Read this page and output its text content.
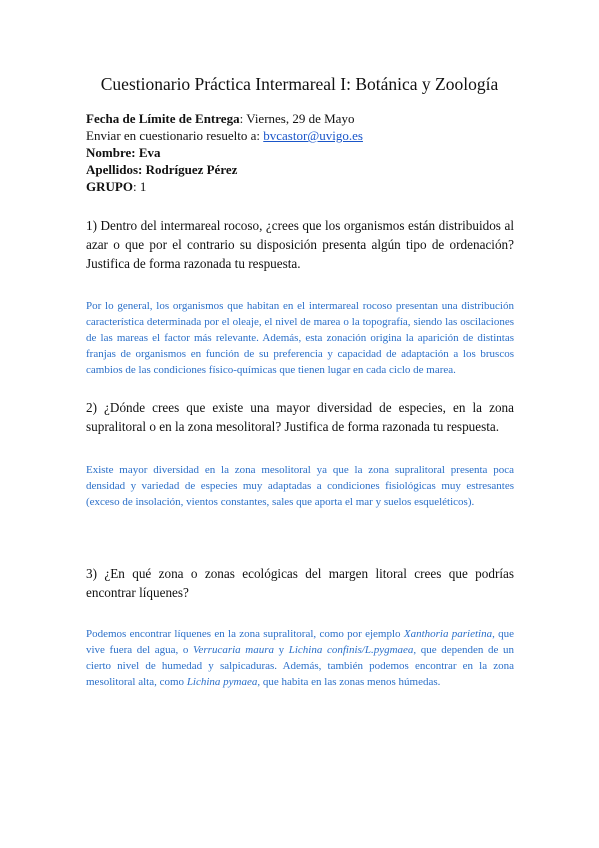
Cuestionario Práctica Intermareal I: Botánica y Zoología
Fecha de Límite de Entrega: Viernes, 29 de Mayo
Enviar en cuestionario resuelto a: bvcastor@uvigo.es
Nombre: Eva
Apellidos: Rodríguez Pérez
GRUPO: 1
1) Dentro del intermareal rocoso, ¿crees que los organismos están distribuidos al azar o que por el contrario su disposición presenta algún tipo de ordenación? Justifica de forma razonada tu respuesta.
Por lo general, los organismos que habitan en el intermareal rocoso presentan una distribución característica determinada por el oleaje, el nivel de marea o la topografía, siendo las oscilaciones de las mareas el factor más relevante. Además, esta zonación origina la aparición de distintas franjas de organismos en función de su preferencia y capacidad de adaptación a los bruscos cambios de las condiciones físico-químicas que tienen lugar en cada ciclo de marea.
2) ¿Dónde crees que existe una mayor diversidad de especies, en la zona supralitoral o en la zona mesolitoral? Justifica de forma razonada tu respuesta.
Existe mayor diversidad en la zona mesolitoral ya que la zona supralitoral presenta poca densidad y variedad de especies muy adaptadas a condiciones fisiológicas muy estresantes (exceso de insolación, vientos constantes, sales que aporta el mar y suelos esqueléticos).
3) ¿En qué zona o zonas ecológicas del margen litoral crees que podrías encontrar líquenes?
Podemos encontrar líquenes en la zona supralitoral, como por ejemplo Xanthoria parietina, que vive fuera del agua, o Verrucaria maura y Lichina confinis/L.pygmaea, que dependen de un cierto nivel de humedad y salpicaduras. Además, también podemos encontrar en la zona mesolitoral alta, como Lichina pymaea, que habita en las zonas menos húmedas.
